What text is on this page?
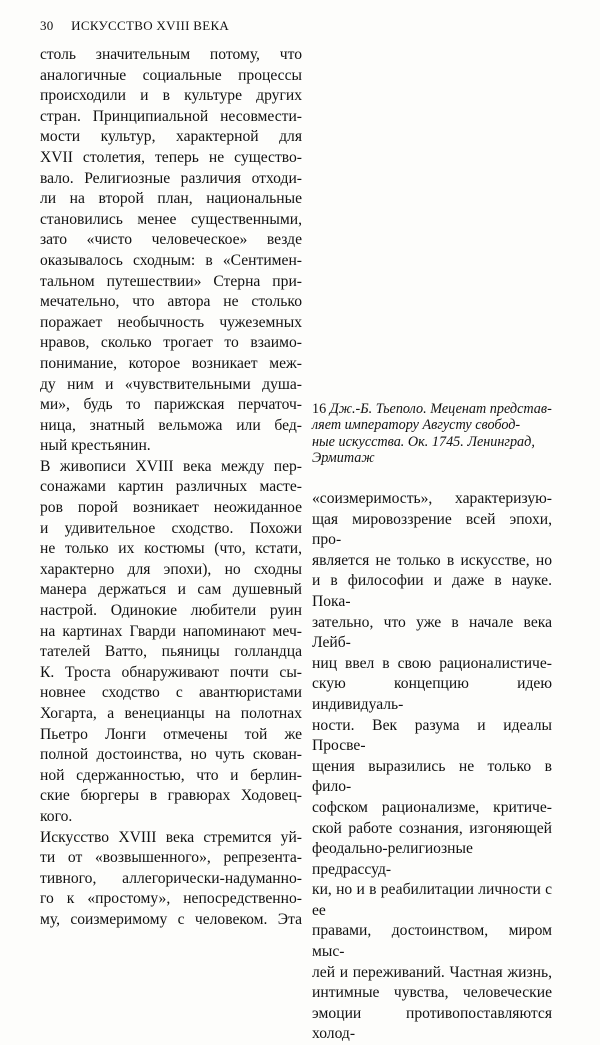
30 ИСКУССТВО XVIII ВЕКА
столь значительным потому, что
аналогичные социальные процессы
происходили и в культуре других
стран. Принципиальной несовмести-
мости культур, характерной для
XVII столетия, теперь не существо-
вало. Религиозные различия отходи-
ли на второй план, национальные
становились менее существенными,
зато «чисто человеческое» везде
оказывалось сходным: в «Сентимен-
тальном путешествии» Стерна при-
мечательно, что автора не столько
поражает необычность чужеземных
нравов, сколько трогает то взаимо-
понимание, которое возникает меж-
ду ним и «чувствительными душа-
ми», будь то парижская перчаточ-
ница, знатный вельможа или бед-
ный крестьянин.
В живописи XVIII века между пер-
сонажами картин различных масте-
ров порой возникает неожиданное
и удивительное сходство. Похожи
не только их костюмы (что, кстати,
характерно для эпохи), но сходны
манера держаться и сам душевный
настрой. Одинокие любители руин
на картинах Гварди напоминают меч-
тателей Ватто, пьяницы голландца
К. Троста обнаруживают почти сы-
новнее сходство с авантюристами
Хогарта, а венецианцы на полотнах
Пьетро Лонги отмечены той же
полной достоинства, но чуть скован-
ной сдержанностью, что и берлин-
ские бюргеры в гравюрах Ходовец-
кого.
Искусство XVIII века стремится уй-
ти от «возвышенного», репрезента-
тивного, аллегорически-надуманно-
го к «простому», непосредственно-
му, соизмеримому с человеком. Эта
16 Дж.-Б. Тьеполо. Меценат представ-
ляет императору Августу свобод-
ные искусства. Ок. 1745. Ленинград,
Эрмитаж
«соизмеримость», характеризую-
щая мировоззрение всей эпохи, про-
является не только в искусстве, но
и в философии и даже в науке. Пока-
зательно, что уже в начале века Лейб-
ниц ввел в свою рационалистиче-
скую концепцию идею индивидуаль-
ности. Век разума и идеалы Просве-
щения выразились не только в фило-
софском рационализме, критиче-
ской работе сознания, изгоняющей
феодально-религиозные предрассуд-
ки, но и в реабилитации личности с ее
правами, достоинством, миром мыс-
лей и переживаний. Частная жизнь,
интимные чувства, человеческие
эмоции противопоставляются холод-
